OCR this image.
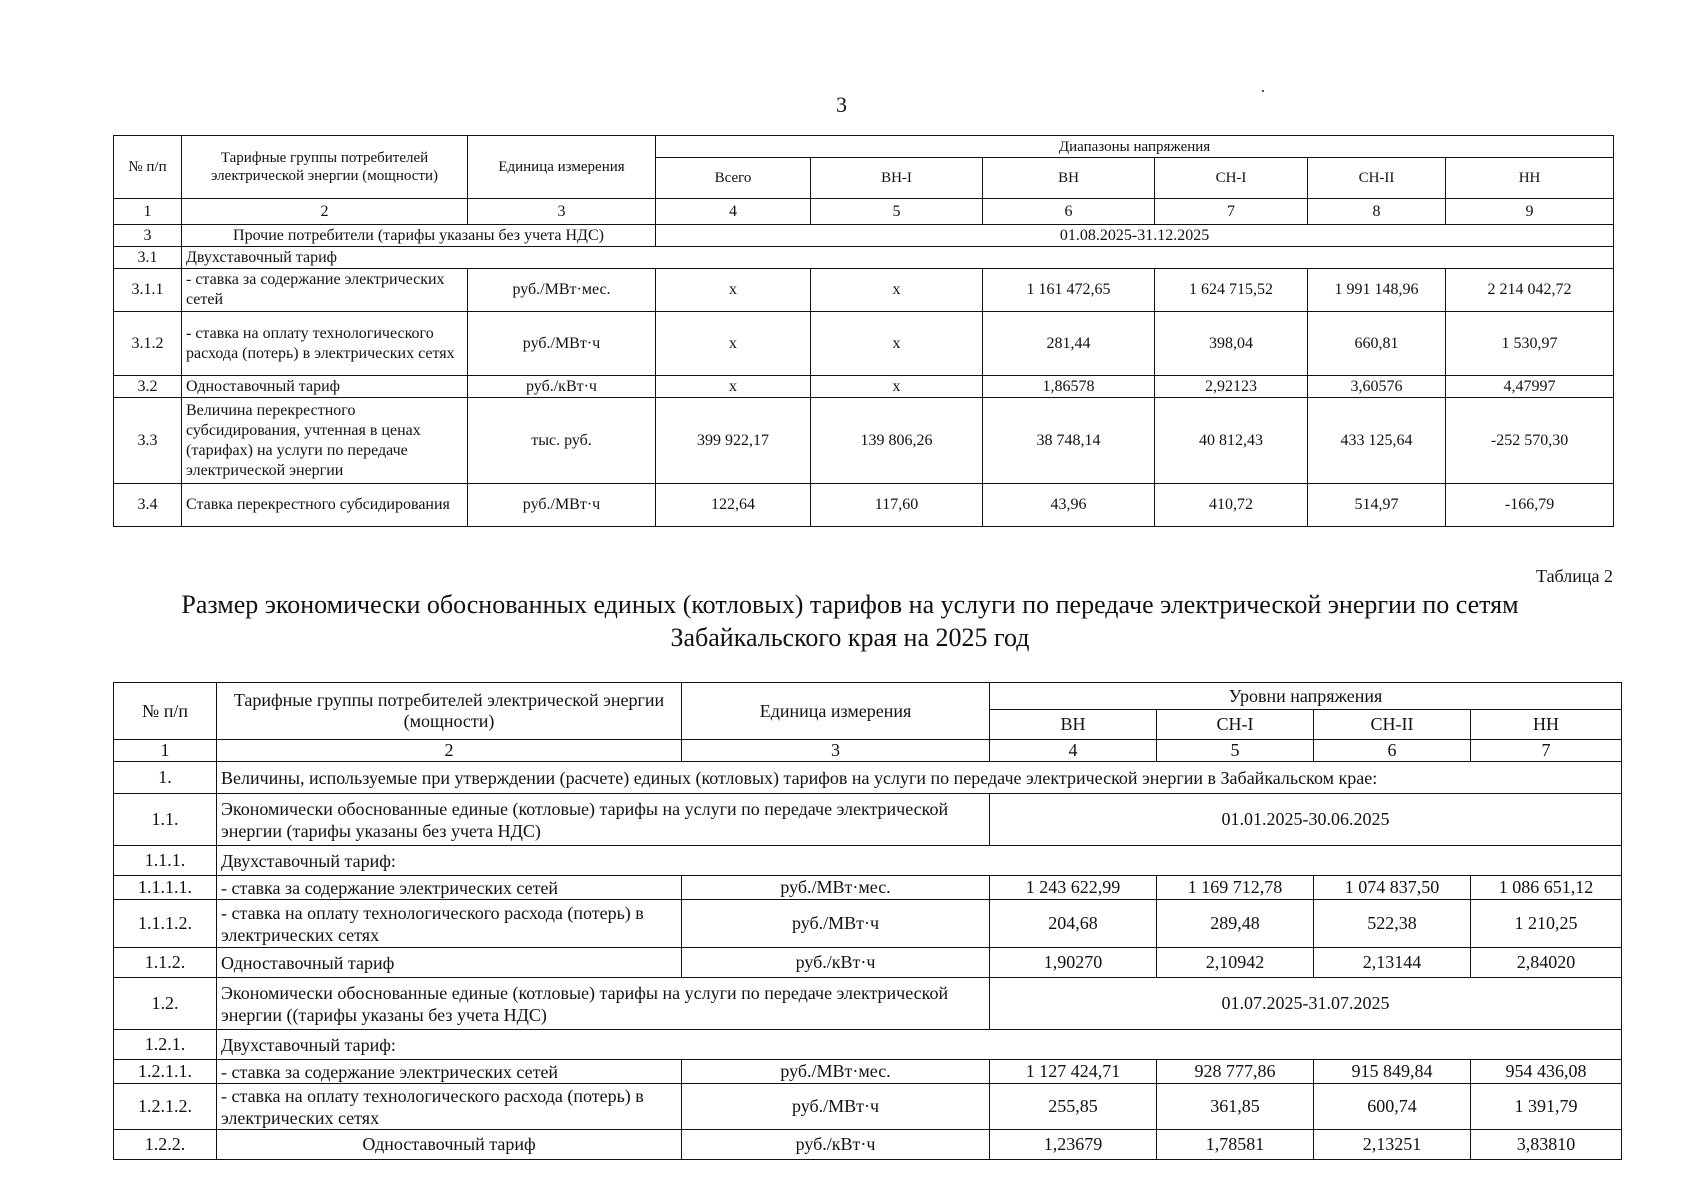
3
№ п/п	Тарифные группы потребителей электрической энергии (мощности)	Единица измерения	Диапазоны напряжения					
			Всего	ВН-I	ВН	СН-I	СН-II	НН
1	2	3	4	5	6	7	8	9
3	Прочие потребители (тарифы указаны без учета НДС)		01.08.2025-31.12.2025					
3.1	Двухставочный тариф							
3.1.1	- ставка за содержание электрических сетей	руб./МВт·мес.	х	х	1 161 472,65	1 624 715,52	1 991 148,96	2 214 042,72
3.1.2	- ставка на оплату технологического расхода (потерь) в электрических сетях	руб./МВт·ч	х	х	281,44	398,04	660,81	1 530,97
3.2	Одноставочный тариф	руб./кВт·ч	х	х	1,86578	2,92123	3,60576	4,47997
3.3	Величина перекрестного субсидирования, учтенная в ценах (тарифах) на услуги по передаче электрической энергии	тыс. руб.	399 922,17	139 806,26	38 748,14	40 812,43	433 125,64	-252 570,30
3.4	Ставка перекрестного субсидирования	руб./МВт·ч	122,64	117,60	43,96	410,72	514,97	-166,79
Таблица 2
Размер экономически обоснованных единых (котловых) тарифов на услуги по передаче электрической энергии по сетям Забайкальского края на 2025 год
№ п/п	Тарифные группы потребителей электрической энергии (мощности)	Единица измерения	Уровни напряжения			
			ВН	СН-I	СН-II	НН
1	2	3	4	5	6	7
1.	Величины, используемые при утверждении (расчете) единых (котловых) тарифов на услуги по передаче электрической энергии в Забайкальском крае:					
1.1.	Экономически обоснованные единые (котловые) тарифы на услуги по передаче электрической энергии (тарифы указаны без учета НДС)		01.01.2025-30.06.2025			
1.1.1.	Двухставочный тариф:					
1.1.1.1.	- ставка за содержание электрических сетей	руб./МВт·мес.	1 243 622,99	1 169 712,78	1 074 837,50	1 086 651,12
1.1.1.2.	- ставка на оплату технологического расхода (потерь) в электрических сетях	руб./МВт·ч	204,68	289,48	522,38	1 210,25
1.1.2.	Одноставочный тариф	руб./кВт·ч	1,90270	2,10942	2,13144	2,84020
1.2.	Экономически обоснованные единые (котловые) тарифы на услуги по передаче электрической энергии ((тарифы указаны без учета НДС)		01.07.2025-31.07.2025			
1.2.1.	Двухставочный тариф:					
1.2.1.1.	- ставка за содержание электрических сетей	руб./МВт·мес.	1 127 424,71	928 777,86	915 849,84	954 436,08
1.2.1.2.	- ставка на оплату технологического расхода (потерь) в электрических сетях	руб./МВт·ч	255,85	361,85	600,74	1 391,79
1.2.2.	Одноставочный тариф	руб./кВт·ч	1,23679	1,78581	2,13251	3,83810
